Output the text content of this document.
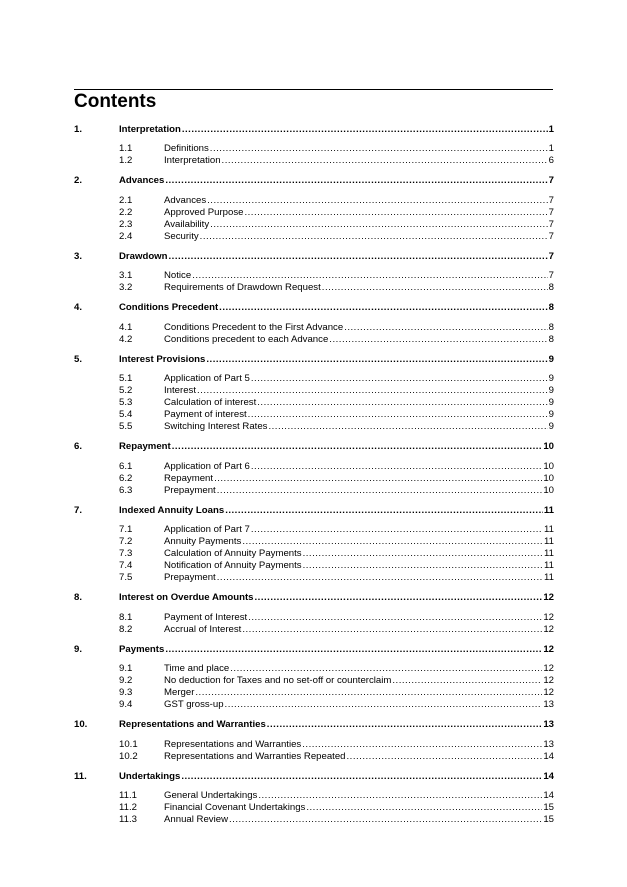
Contents
1.	Interpretation .....	1
1.1	Definitions .....	1
1.2	Interpretation .....	6
2.	Advances .....	7
2.1	Advances .....	7
2.2	Approved Purpose .....	7
2.3	Availability .....	7
2.4	Security .....	7
3.	Drawdown .....	7
3.1	Notice .....	7
3.2	Requirements of Drawdown Request .....	8
4.	Conditions Precedent .....	8
4.1	Conditions Precedent to the First Advance .....	8
4.2	Conditions precedent to each Advance .....	8
5.	Interest Provisions .....	9
5.1	Application of Part 5 .....	9
5.2	Interest .....	9
5.3	Calculation of interest .....	9
5.4	Payment of interest .....	9
5.5	Switching Interest Rates .....	9
6.	Repayment .....	10
6.1	Application of Part 6 .....	10
6.2	Repayment .....	10
6.3	Prepayment .....	10
7.	Indexed Annuity Loans .....	11
7.1	Application of Part 7 .....	11
7.2	Annuity Payments .....	11
7.3	Calculation of Annuity Payments .....	11
7.4	Notification of Annuity Payments .....	11
7.5	Prepayment .....	11
8.	Interest on Overdue Amounts .....	12
8.1	Payment of Interest .....	12
8.2	Accrual of Interest .....	12
9.	Payments .....	12
9.1	Time and place .....	12
9.2	No deduction for Taxes and no set-off or counterclaim .....	12
9.3	Merger .....	12
9.4	GST gross-up .....	13
10.	Representations and Warranties .....	13
10.1	Representations and Warranties .....	13
10.2	Representations and Warranties Repeated .....	14
11.	Undertakings .....	14
11.1	General Undertakings .....	14
11.2	Financial Covenant Undertakings .....	15
11.3	Annual Review .....	15
